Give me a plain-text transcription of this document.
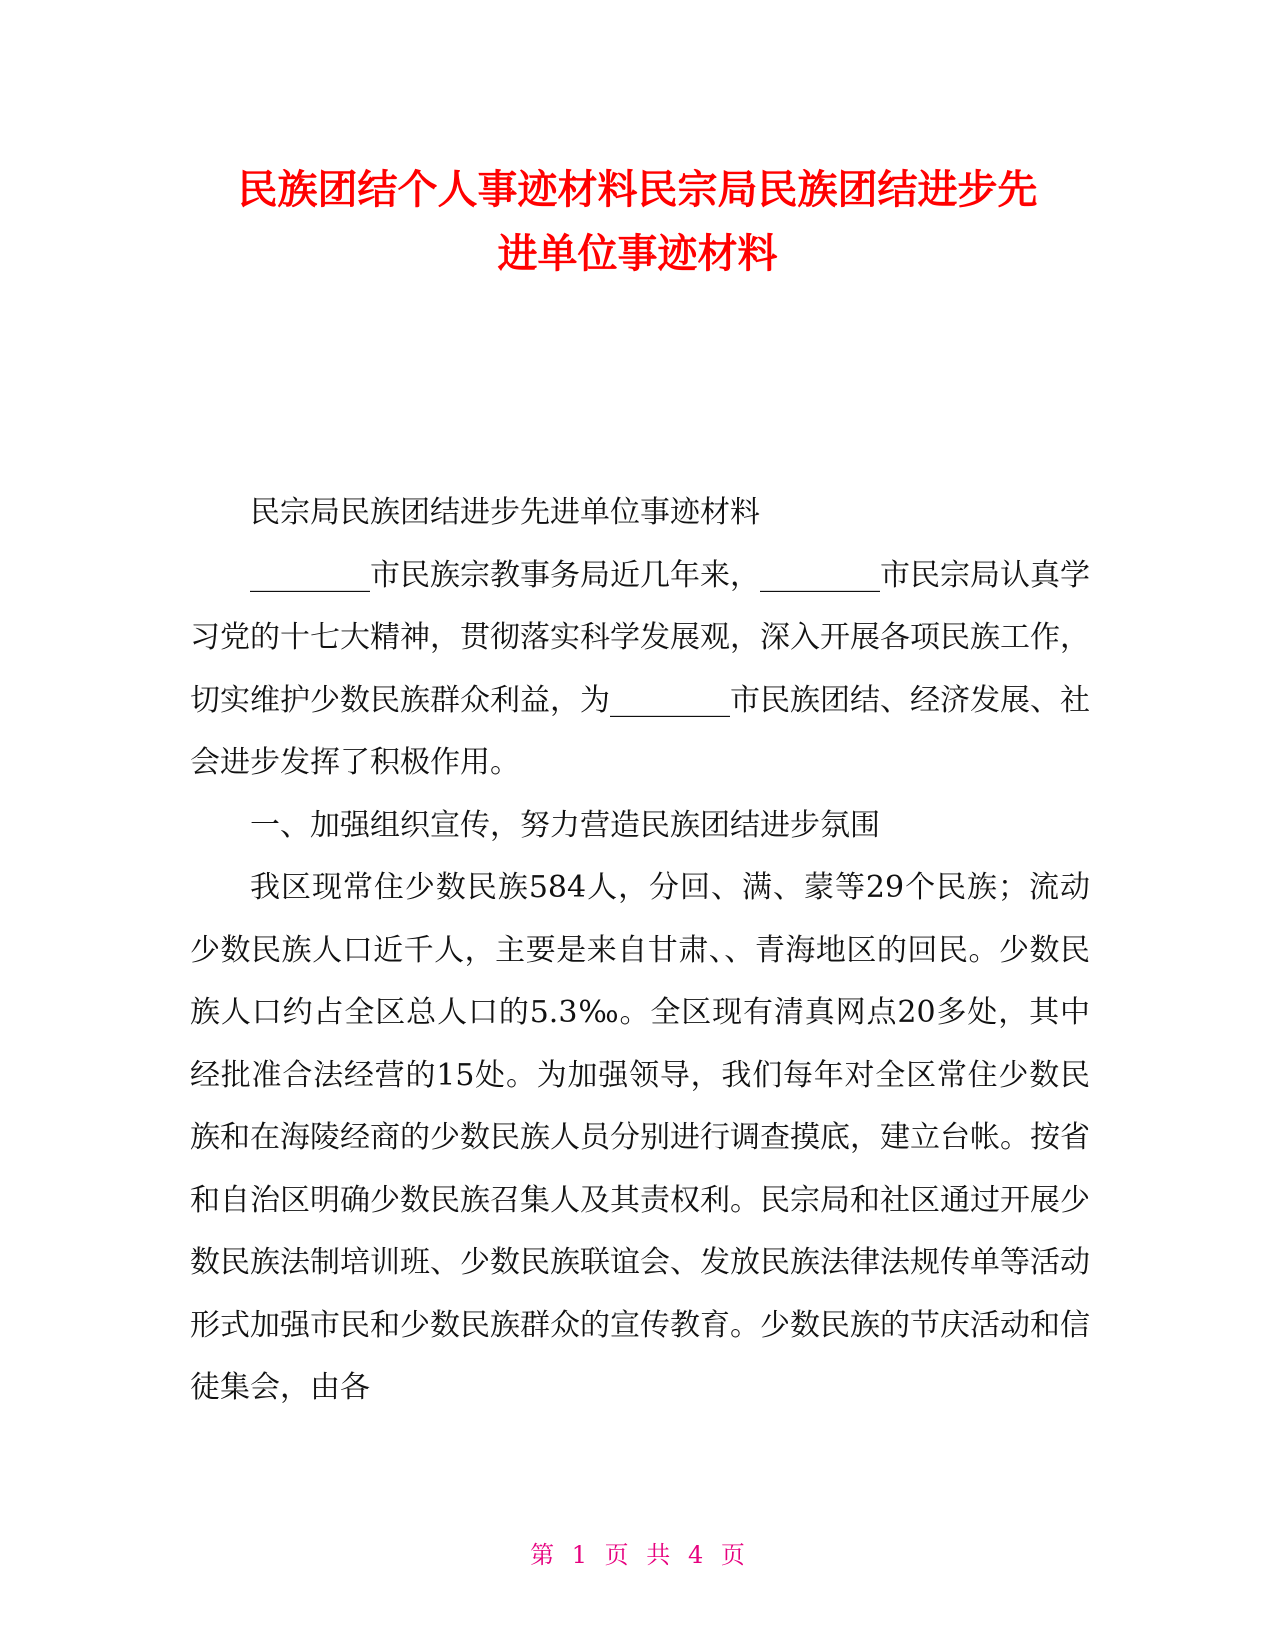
民族团结个人事迹材料民宗局民族团结进步先
进单位事迹材料

民宗局民族团结进步先进单位事迹材料

________市民族宗教事务局近几年来，________市民宗局认真学习党的十七大精神，贯彻落实科学发展观，深入开展各项民族工作，切实维护少数民族群众利益，为________市民族团结、经济发展、社会进步发挥了积极作用。

一、加强组织宣传，努力营造民族团结进步氛围

我区现常住少数民族584人，分回、满、蒙等29个民族；流动少数民族人口近千人，主要是来自甘肃、、青海地区的回民。少数民族人口约占全区总人口的5.3‰。全区现有清真网点20多处，其中经批准合法经营的15处。为加强领导，我们每年对全区常住少数民族和在海陵经商的少数民族人员分别进行调查摸底，建立台帐。按省和自治区明确少数民族召集人及其责权利。民宗局和社区通过开展少数民族法制培训班、少数民族联谊会、发放民族法律法规传单等活动形式加强市民和少数民族群众的宣传教育。少数民族的节庆活动和信徒集会，由各

第 1 页 共 4 页
